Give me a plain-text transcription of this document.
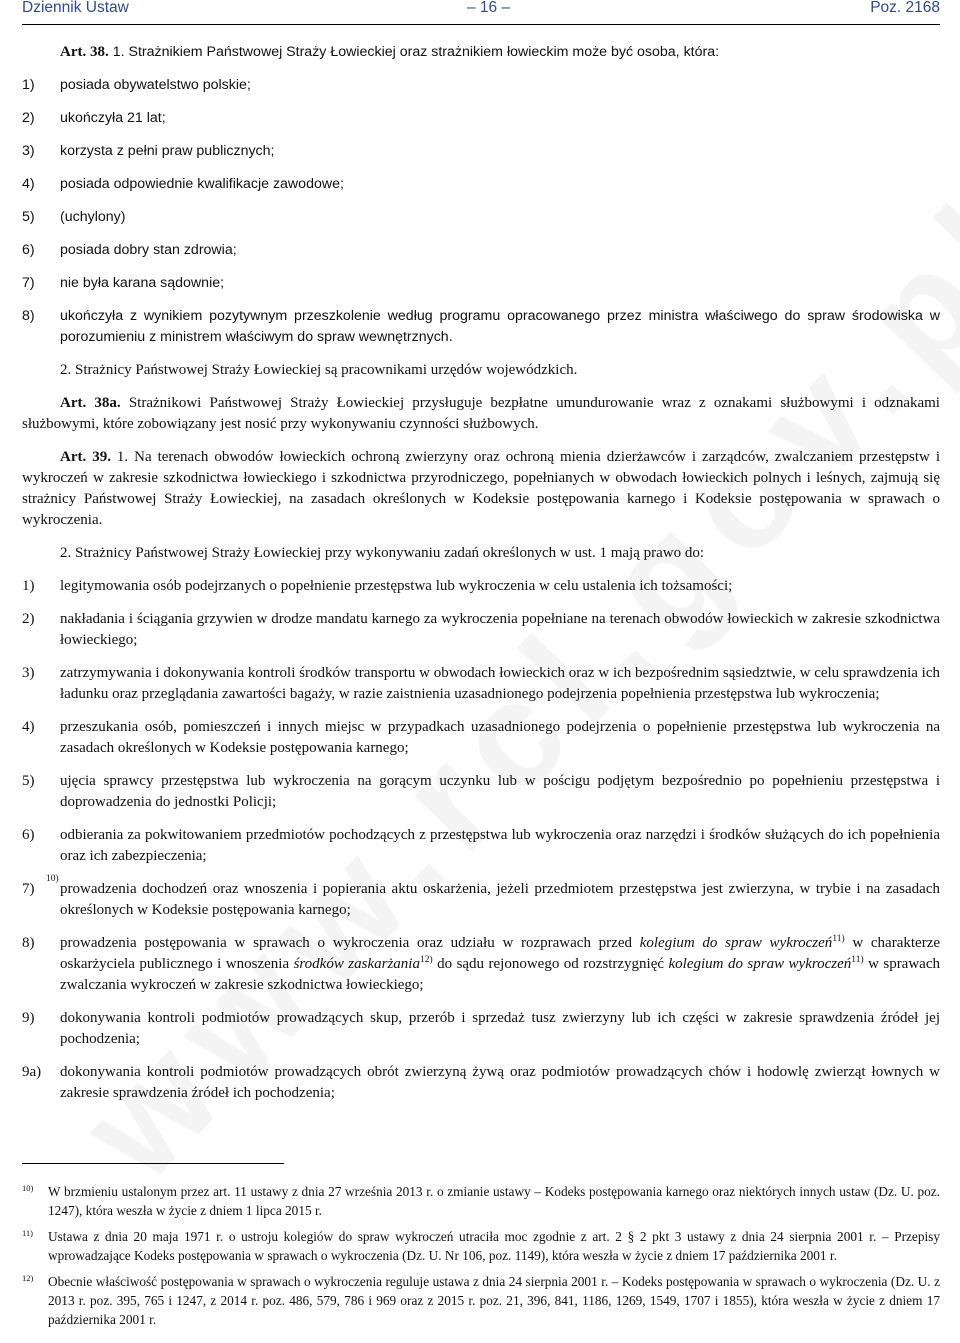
Dziennik Ustaw	– 16 –	Poz. 2168

Art. 38. 1. Strażnikiem Państwowej Straży Łowieckiej oraz strażnikiem łowieckim może być osoba, która:

1)	posiada obywatelstwo polskie;
2)	ukończyła 21 lat;
3)	korzysta z pełni praw publicznych;
4)	posiada odpowiednie kwalifikacje zawodowe;
5)	(uchylony)
6)	posiada dobry stan zdrowia;
7)	nie była karana sądownie;
8)	ukończyła z wynikiem pozytywnym przeszkolenie według programu opracowanego przez ministra właściwego do spraw środowiska w porozumieniu z ministrem właściwym do spraw wewnętrznych.

2. Strażnicy Państwowej Straży Łowieckiej są pracownikami urzędów wojewódzkich.

Art. 38a. Strażnikowi Państwowej Straży Łowieckiej przysługuje bezpłatne umundurowanie wraz z oznakami służbowymi i odznakami służbowymi, które zobowiązany jest nosić przy wykonywaniu czynności służbowych.

Art. 39. 1. Na terenach obwodów łowieckich ochroną zwierzyny oraz ochroną mienia dzierżawców i zarządców, zwalczaniem przestępstw i wykroczeń w zakresie szkodnictwa łowieckiego i szkodnictwa przyrodniczego, popełnianych w obwodach łowieckich polnych i leśnych, zajmują się strażnicy Państwowej Straży Łowieckiej, na zasadach określonych w Kodeksie postępowania karnego i Kodeksie postępowania w sprawach o wykroczenia.

2. Strażnicy Państwowej Straży Łowieckiej przy wykonywaniu zadań określonych w ust. 1 mają prawo do:

1)	legitymowania osób podejrzanych o popełnienie przestępstwa lub wykroczenia w celu ustalenia ich tożsamości;
2)	nakładania i ściągania grzywien w drodze mandatu karnego za wykroczenia popełniane na terenach obwodów łowieckich w zakresie szkodnictwa łowieckiego;
3)	zatrzymywania i dokonywania kontroli środków transportu w obwodach łowieckich oraz w ich bezpośrednim sąsiedztwie, w celu sprawdzenia ich ładunku oraz przeglądania zawartości bagaży, w razie zaistnienia uzasadnionego podejrzenia popełnienia przestępstwa lub wykroczenia;
4)	przeszukania osób, pomieszczeń i innych miejsc w przypadkach uzasadnionego podejrzenia o popełnienie przestępstwa lub wykroczenia na zasadach określonych w Kodeksie postępowania karnego;
5)	ujęcia sprawcy przestępstwa lub wykroczenia na gorącym uczynku lub w pościgu podjętym bezpośrednio po popełnieniu przestępstwa i doprowadzenia do jednostki Policji;
6)	odbierania za pokwitowaniem przedmiotów pochodzących z przestępstwa lub wykroczenia oraz narzędzi i środków służących do ich popełnienia oraz ich zabezpieczenia;
7)
10)
prowadzenia dochodzeń oraz wnoszenia i popierania aktu oskarżenia, jeżeli przedmiotem przestępstwa jest zwierzyna, w trybie i na zasadach określonych w Kodeksie postępowania karnego;
8)	prowadzenia postępowania w sprawach o wykroczenia oraz udziału w rozprawach przed kolegium do spraw wykroczeń$^{11)}$ w charakterze oskarżyciela publicznego i wnoszenia środków zaskarżania$^{12)}$ do sądu rejonowego od rozstrzygnięć kolegium do spraw wykroczeń$^{11)}$ w sprawach zwalczania wykroczeń w zakresie szkodnictwa łowieckiego;
9)	dokonywania kontroli podmiotów prowadzących skup, przerób i sprzedaż tusz zwierzyny lub ich części w zakresie sprawdzenia źródeł jej pochodzenia;
9a)	dokonywania kontroli podmiotów prowadzących obrót zwierzyną żywą oraz podmiotów prowadzących chów i hodowlę zwierząt łownych w zakresie sprawdzenia źródeł ich pochodzenia;
10)	W brzmieniu ustalonym przez art. 11 ustawy z dnia 27 września 2013 r. o zmianie ustawy – Kodeks postępowania karnego oraz niektórych innych ustaw (Dz. U. poz. 1247), która weszła w życie z dniem 1 lipca 2015 r.
11)	Ustawa z dnia 20 maja 1971 r. o ustroju kolegiów do spraw wykroczeń utraciła moc zgodnie z art. 2 § 2 pkt 3 ustawy z dnia 24 sierpnia 2001 r. – Przepisy wprowadzające Kodeks postępowania w sprawach o wykroczenia (Dz. U. Nr 106, poz. 1149), która weszła w życie z dniem 17 października 2001 r.
12)	Obecnie właściwość postępowania w sprawach o wykroczenia reguluje ustawa z dnia 24 sierpnia 2001 r. – Kodeks postępowania w sprawach o wykroczenia (Dz. U. z 2013 r. poz. 395, 765 i 1247, z 2014 r. poz. 486, 579, 786 i 969 oraz z 2015 r. poz. 21, 396, 841, 1186, 1269, 1549, 1707 i 1855), która weszła w życie z dniem 17 października 2001 r.
